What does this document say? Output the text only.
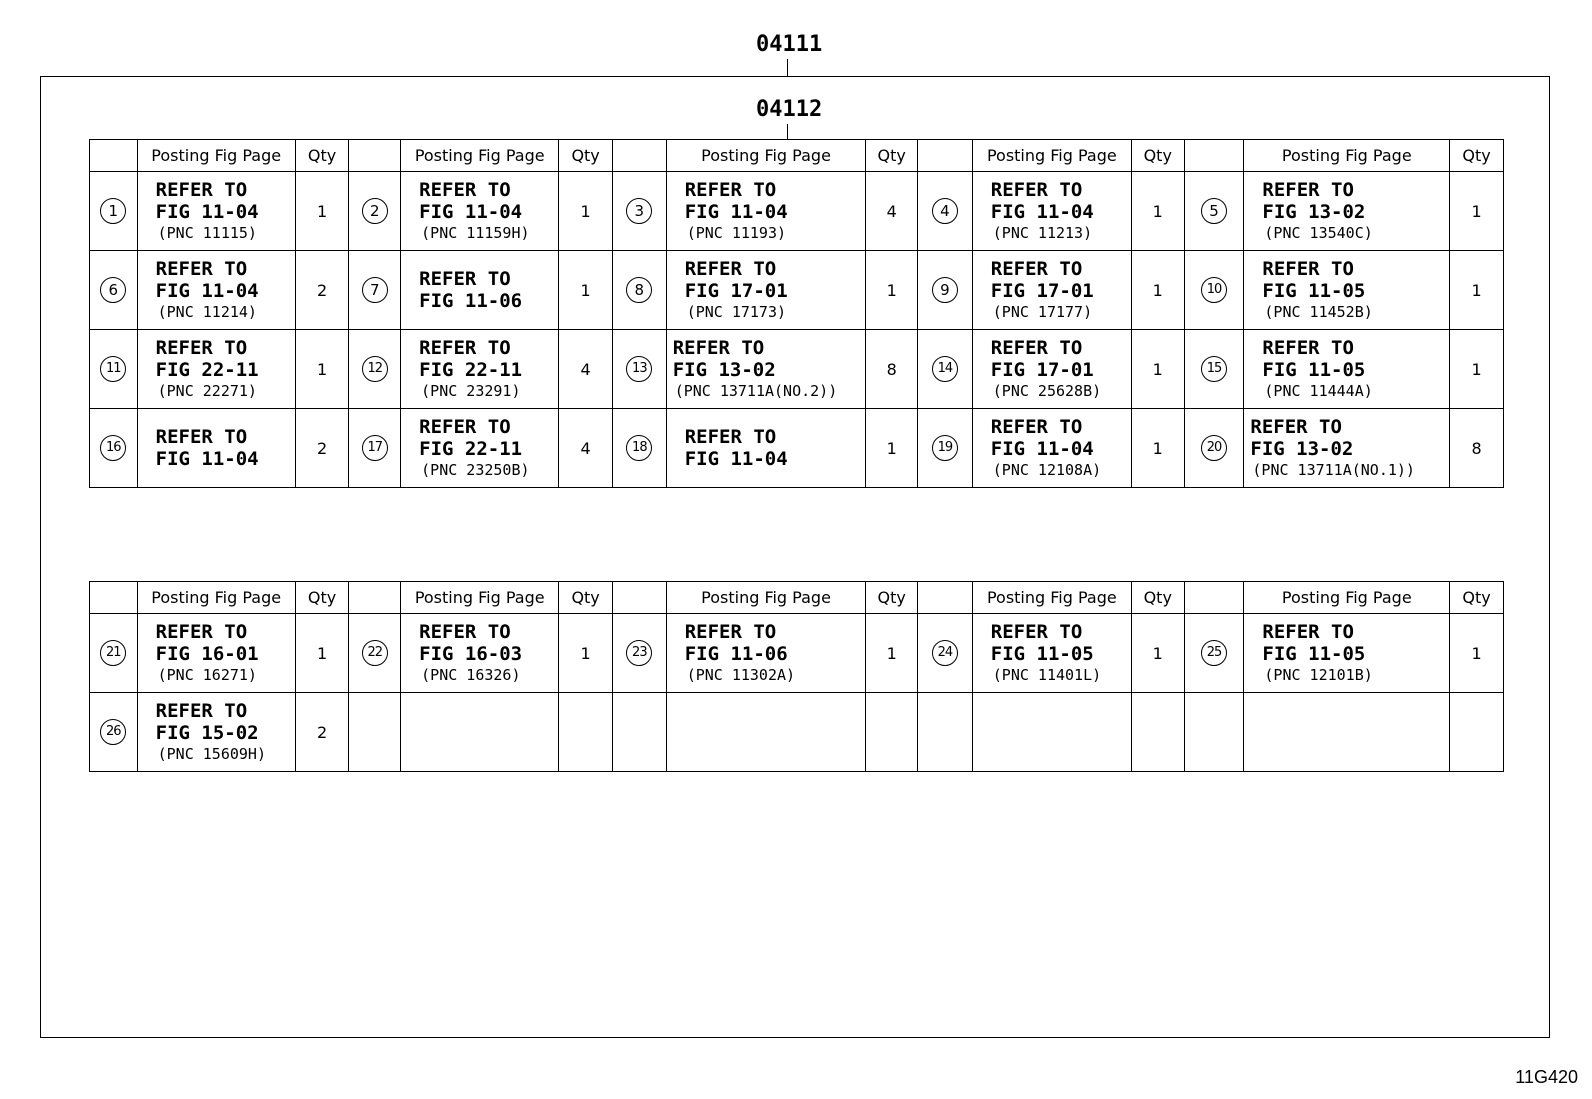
04111
04112
	Posting Fig Page	Qty		Posting Fig Page	Qty		Posting Fig Page	Qty		Posting Fig Page	Qty		Posting Fig Page	Qty
1	REFER TO
FIG 11-04
(PNC 11115)	1	2	REFER TO
FIG 11-04
(PNC 11159H)	1	3	REFER TO
FIG 11-04
(PNC 11193)	4	4	REFER TO
FIG 11-04
(PNC 11213)	1	5	REFER TO
FIG 13-02
(PNC 13540C)	1
6	REFER TO
FIG 11-04
(PNC 11214)	2	7	REFER TO
FIG 11-06	1	8	REFER TO
FIG 17-01
(PNC 17173)	1	9	REFER TO
FIG 17-01
(PNC 17177)	1	10	REFER TO
FIG 11-05
(PNC 11452B)	1
11	REFER TO
FIG 22-11
(PNC 22271)	1	12	REFER TO
FIG 22-11
(PNC 23291)	4	13	REFER TO
FIG 13-02
(PNC 13711A(NO.2))	8	14	REFER TO
FIG 17-01
(PNC 25628B)	1	15	REFER TO
FIG 11-05
(PNC 11444A)	1
16	REFER TO
FIG 11-04	2	17	REFER TO
FIG 22-11
(PNC 23250B)	4	18	REFER TO
FIG 11-04	1	19	REFER TO
FIG 11-04
(PNC 12108A)	1	20	REFER TO
FIG 13-02
(PNC 13711A(NO.1))	8
	Posting Fig Page	Qty		Posting Fig Page	Qty		Posting Fig Page	Qty		Posting Fig Page	Qty		Posting Fig Page	Qty
21	REFER TO
FIG 16-01
(PNC 16271)	1	22	REFER TO
FIG 16-03
(PNC 16326)	1	23	REFER TO
FIG 11-06
(PNC 11302A)	1	24	REFER TO
FIG 11-05
(PNC 11401L)	1	25	REFER TO
FIG 11-05
(PNC 12101B)	1
26	REFER TO
FIG 15-02
(PNC 15609H)	2												
11G420
